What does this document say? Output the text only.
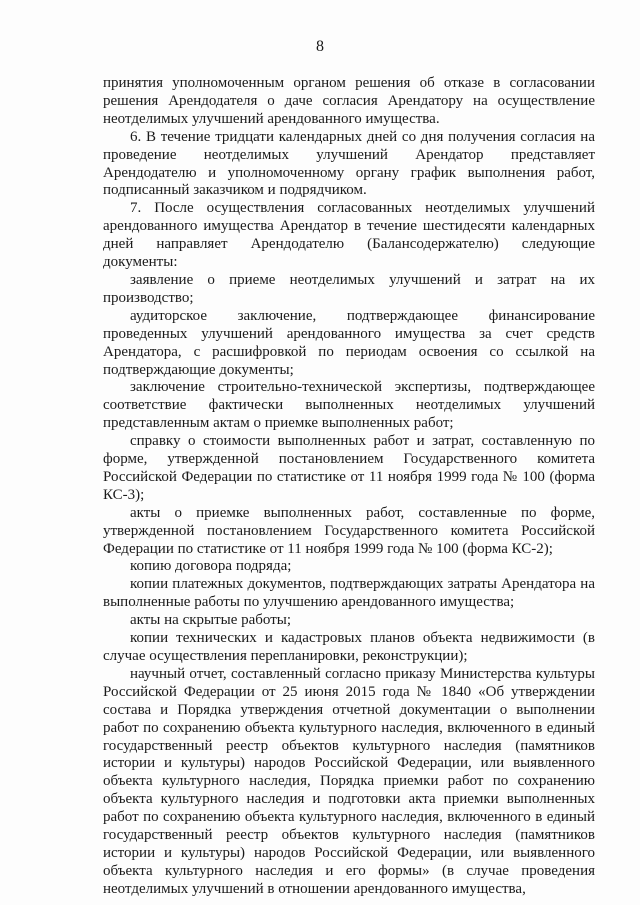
8

принятия уполномоченным органом решения об отказе в согласовании решения Арендодателя о даче согласия Арендатору на осуществление неотделимых улучшений арендованного имущества.

6. В течение тридцати календарных дней со дня получения согласия на проведение неотделимых улучшений Арендатор представляет Арендодателю и уполномоченному органу график выполнения работ, подписанный заказчиком и подрядчиком.

7. После осуществления согласованных неотделимых улучшений арендованного имущества Арендатор в течение шестидесяти календарных дней направляет Арендодателю (Балансодержателю) следующие документы:

заявление о приеме неотделимых улучшений и затрат на их производство;

аудиторское заключение, подтверждающее финансирование проведенных улучшений арендованного имущества за счет средств Арендатора, с расшифровкой по периодам освоения со ссылкой на подтверждающие документы;

заключение строительно-технической экспертизы, подтверждающее соответствие фактически выполненных неотделимых улучшений представленным актам о приемке выполненных работ;

справку о стоимости выполненных работ и затрат, составленную по форме, утвержденной постановлением Государственного комитета Российской Федерации по статистике от 11 ноября 1999 года № 100 (форма КС-3);

акты о приемке выполненных работ, составленные по форме, утвержденной постановлением Государственного комитета Российской Федерации по статистике от 11 ноября 1999 года № 100 (форма КС-2);

копию договора подряда;

копии платежных документов, подтверждающих затраты Арендатора на выполненные работы по улучшению арендованного имущества;

акты на скрытые работы;

копии технических и кадастровых планов объекта недвижимости (в случае осуществления перепланировки, реконструкции);

научный отчет, составленный согласно приказу Министерства культуры Российской Федерации от 25 июня 2015 года № 1840 «Об утверждении состава и Порядка утверждения отчетной документации о выполнении работ по сохранению объекта культурного наследия, включенного в единый государственный реестр объектов культурного наследия (памятников истории и культуры) народов Российской Федерации, или выявленного объекта культурного наследия, Порядка приемки работ по сохранению объекта культурного наследия и подготовки акта приемки выполненных работ по сохранению объекта культурного наследия, включенного в единый государственный реестр объектов культурного наследия (памятников истории и культуры) народов Российской Федерации, или выявленного объекта культурного наследия и его формы» (в случае проведения неотделимых улучшений в отношении арендованного имущества,
